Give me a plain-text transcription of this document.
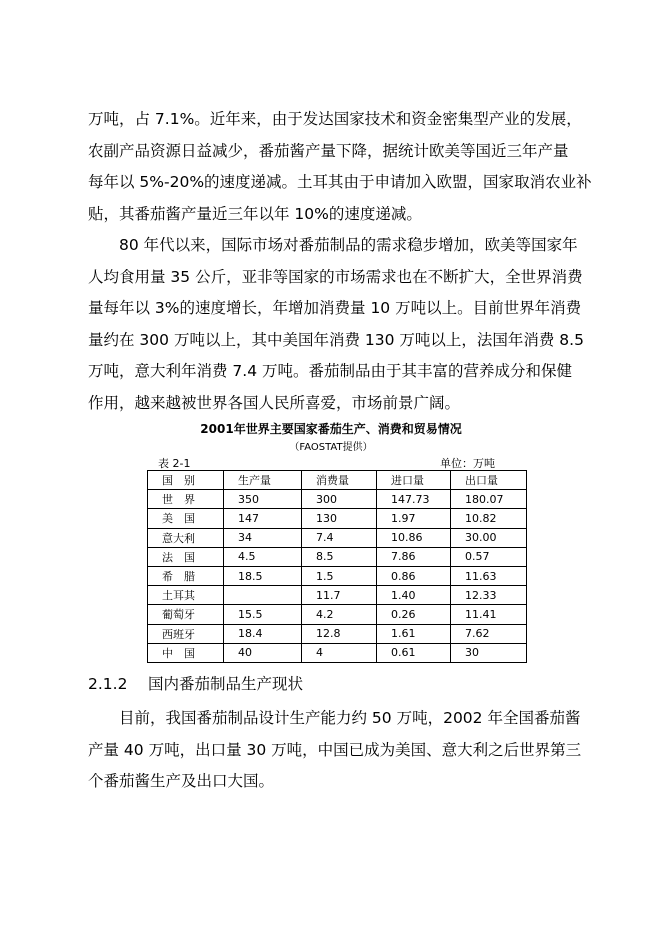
万吨，占 7.1%。近年来，由于发达国家技术和资金密集型产业的发展，
农副产品资源日益减少，番茄酱产量下降，据统计欧美等国近三年产量
每年以 5%-20%的速度递减。土耳其由于申请加入欧盟，国家取消农业补
贴，其番茄酱产量近三年以年 10%的速度递减。

　　80 年代以来，国际市场对番茄制品的需求稳步增加，欧美等国家年
人均食用量 35 公斤，亚非等国家的市场需求也在不断扩大，全世界消费
量每年以 3%的速度增长，年增加消费量 10 万吨以上。目前世界年消费
量约在 300 万吨以上，其中美国年消费 130 万吨以上，法国年消费 8.5
万吨，意大利年消费 7.4 万吨。番茄制品由于其丰富的营养成分和保健
作用，越来越被世界各国人民所喜爱，市场前景广阔。

2001年世界主要国家番茄生产、消费和贸易情况

（FAOSTAT提供）

表 2-1	单位：万吨
国　别	生产量	消费量	进口量	出口量
世　界	350	300	147.73	180.07
美　国	147	130	1.97	10.82
意大利	34	7.4	10.86	30.00
法　国	4.5	8.5	7.86	0.57
希　腊	18.5	1.5	0.86	11.63
土耳其		11.7	1.40	12.33
葡萄牙	15.5	4.2	0.26	11.41
西班牙	18.4	12.8	1.61	7.62
中　国	40	4	0.61	30
2.1.2 国内番茄制品生产现状

　　目前，我国番茄制品设计生产能力约 50 万吨，2002 年全国番茄酱
产量 40 万吨，出口量 30 万吨，中国已成为美国、意大利之后世界第三
个番茄酱生产及出口大国。
